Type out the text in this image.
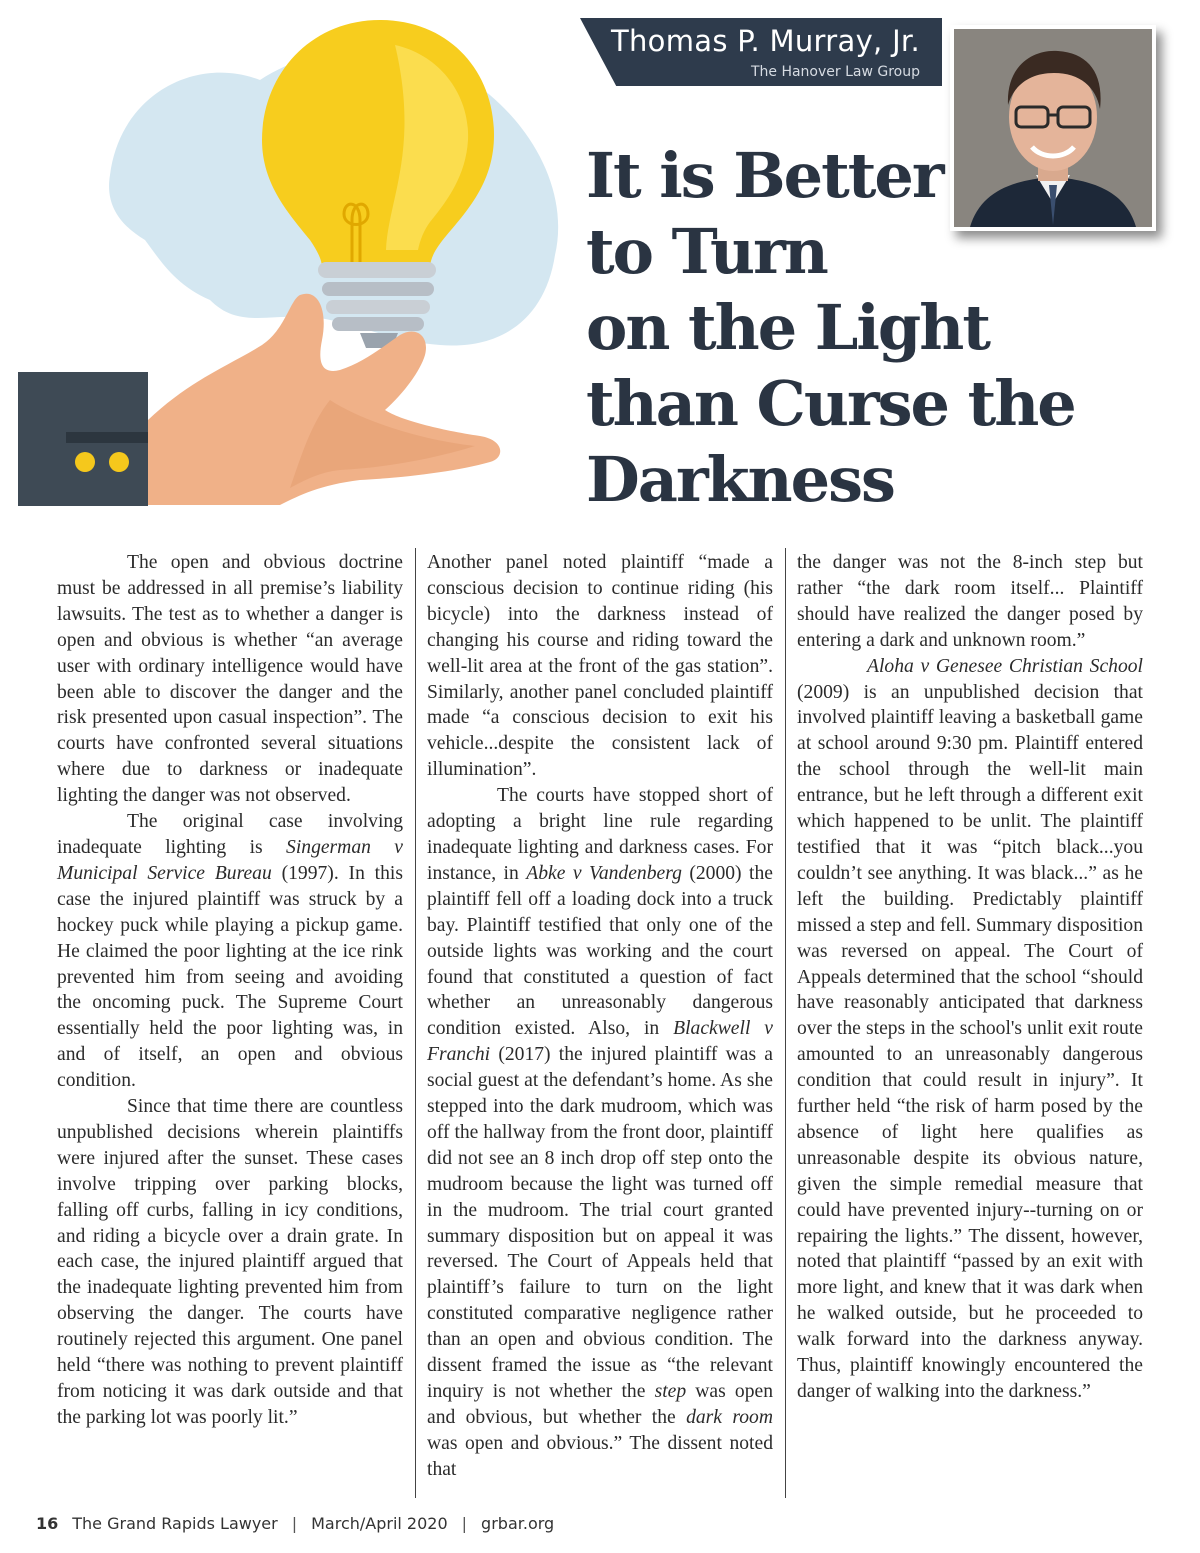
Thomas P. Murray, Jr.
The Hanover Law Group
It is Better
to Turn
on the Light
than Curse the
Darkness

The open and obvious doctrine must be addressed in all premise’s liability lawsuits. The test as to whether a danger is open and obvious is whether “an average user with ordinary intelligence would have been able to discover the danger and the risk presented upon casual inspection”. The courts have confronted several situations where due to darkness or inadequate lighting the danger was not observed.

The original case involving inadequate lighting is Singerman v Municipal Service Bureau (1997). In this case the injured plaintiff was struck by a hockey puck while playing a pickup game. He claimed the poor lighting at the ice rink prevented him from seeing and avoiding the oncoming puck. The Supreme Court essentially held the poor lighting was, in and of itself, an open and obvious condition.

Since that time there are countless unpublished decisions wherein plaintiffs were injured after the sunset. These cases involve tripping over parking blocks, falling off curbs, falling in icy conditions, and riding a bicycle over a drain grate. In each case, the injured plaintiff argued that the inadequate lighting prevented him from observing the danger. The courts have routinely rejected this argument. One panel held “there was nothing to prevent plaintiff from noticing it was dark outside and that the parking lot was poorly lit.”

Another panel noted plaintiff “made a conscious decision to continue riding (his bicycle) into the darkness instead of changing his course and riding toward the well-lit area at the front of the gas station”. Similarly, another panel concluded plaintiff made “a conscious decision to exit his vehicle...despite the consistent lack of illumination”.

The courts have stopped short of adopting a bright line rule regarding inadequate lighting and darkness cases. For instance, in Abke v Vandenberg (2000) the plaintiff fell off a loading dock into a truck bay. Plaintiff testified that only one of the outside lights was working and the court found that constituted a question of fact whether an unreasonably dangerous condition existed. Also, in Blackwell v Franchi (2017) the injured plaintiff was a social guest at the defendant’s home. As she stepped into the dark mudroom, which was off the hallway from the front door, plaintiff did not see an 8 inch drop off step onto the mudroom because the light was turned off in the mudroom. The trial court granted summary disposition but on appeal it was reversed. The Court of Appeals held that plaintiff’s failure to turn on the light constituted comparative negligence rather than an open and obvious condition. The dissent framed the issue as “the relevant inquiry is not whether the step was open and obvious, but whether the dark room was open and obvious.” The dissent noted that

the danger was not the 8-inch step but rather “the dark room itself... Plaintiff should have realized the danger posed by entering a dark and unknown room.”

Aloha v Genesee Christian School (2009) is an unpublished decision that involved plaintiff leaving a basketball game at school around 9:30 pm. Plaintiff entered the school through the well-lit main entrance, but he left through a different exit which happened to be unlit. The plaintiff testified that it was “pitch black...you couldn’t see anything. It was black...” as he left the building. Predictably plaintiff missed a step and fell. Summary disposition was reversed on appeal. The Court of Appeals determined that the school “should have reasonably anticipated that darkness over the steps in the school's unlit exit route amounted to an unreasonably dangerous condition that could result in injury”. It further held “the risk of harm posed by the absence of light here qualifies as unreasonable despite its obvious nature, given the simple remedial measure that could have prevented injury--turning on or repairing the lights.” The dissent, however, noted that plaintiff “passed by an exit with more light, and knew that it was dark when he walked outside, but he proceeded to walk forward into the darkness anyway. Thus, plaintiff knowingly encountered the danger of walking into the darkness.”

16 The Grand Rapids Lawyer | March/April 2020 | grbar.org
